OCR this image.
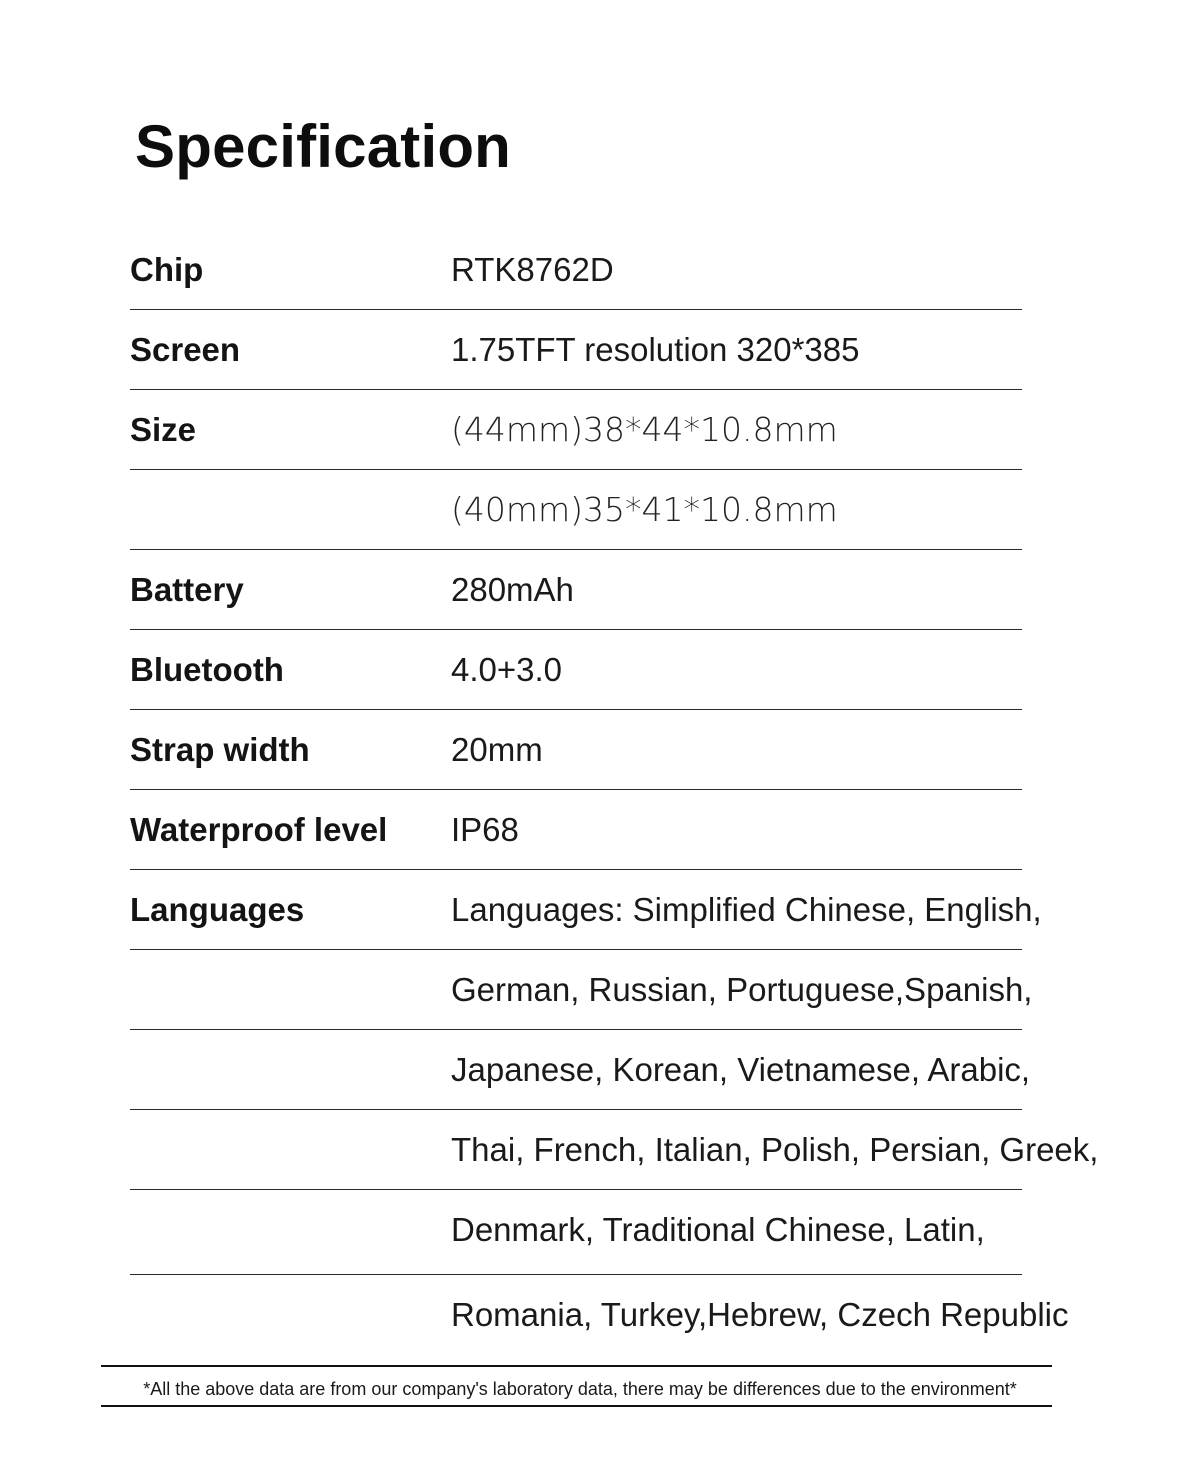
Specification
Chip	RTK8762D
Screen	1.75TFT resolution 320*385
Size	(44mm)38*44*10.8mm
(40mm)35*41*10.8mm
Battery	280mAh
Bluetooth	4.0+3.0
Strap width	20mm
Waterproof level IP68
Languages	Languages: Simplified Chinese, English,
German, Russian, Portuguese,Spanish,
Japanese, Korean, Vietnamese, Arabic,
Thai, French, Italian, Polish, Persian, Greek,
Denmark, Traditional Chinese, Latin,
Romania, Turkey,Hebrew, Czech Republic
*All the above data are from our company's laboratory data, there may be differences due to the environment*
